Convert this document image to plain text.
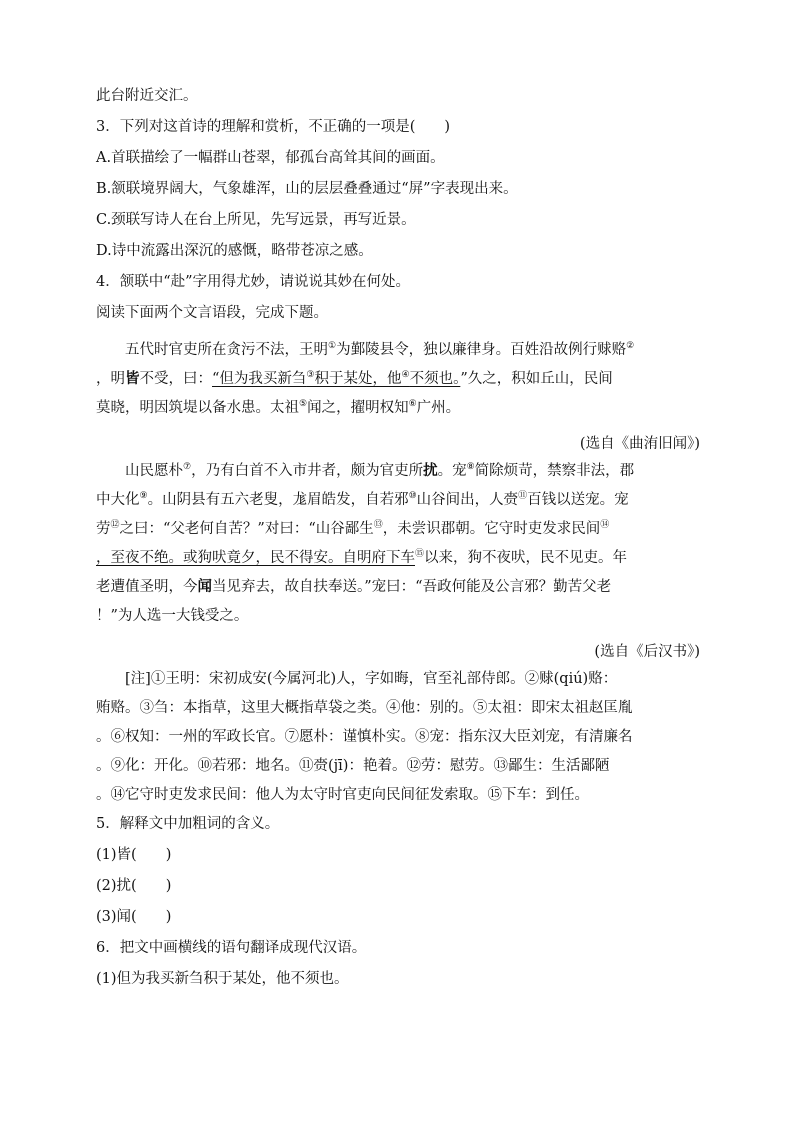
此台附近交汇。

3．下列对这首诗的理解和赏析，不正确的一项是(　　)

A.首联描绘了一幅群山苍翠，郁孤台高耸其间的画面。

B.颔联境界阔大，气象雄浑，山的层层叠叠通过“屏”字表现出来。

C.颈联写诗人在台上所见，先写远景，再写近景。

D.诗中流露出深沉的感慨，略带苍凉之感。

4．颔联中“赴”字用得尤妙，请说说其妙在何处。

阅读下面两个文言语段，完成下题。

五代时官吏所在贪污不法，王明①为鄞陵县令，独以廉律身。百姓沿故例行赇赂②

，明皆不受，曰：“但为我买新刍③积于某处，他④不须也。”久之，积如丘山，民间

莫晓，明因筑堤以备水患。太祖⑤闻之，擢明权知⑥广州。

(选自《曲洧旧闻》)

山民愿朴⑦，乃有白首不入市井者，颇为官吏所扰。宠⑧简除烦苛，禁察非法，郡

中大化⑨。山阴县有五六老叟，尨眉皓发，自若邪⑩山谷间出，人赍⑪百钱以送宠。宠

劳⑫之曰：“父老何自苦？”对曰：“山谷鄙生⑬，未尝识郡朝。它守时吏发求民间⑭

，至夜不绝。或狗吠竟夕，民不得安。自明府下车⑮以来，狗不夜吠，民不见吏。年

老遭值圣明，今闻当见弃去，故自扶奉送。”宠曰：“吾政何能及公言邪？勤苦父老

！”为人选一大钱受之。

(选自《后汉书》)

[注]①王明：宋初成安(今属河北)人，字如晦，官至礼部侍郎。②赇(qiú)赂：

贿赂。③刍：本指草，这里大概指草袋之类。④他：别的。⑤太祖：即宋太祖赵匡胤

。⑥权知：一州的军政长官。⑦愿朴：谨慎朴实。⑧宠：指东汉大臣刘宠，有清廉名

。⑨化：开化。⑩若邪：地名。⑪赍(jī)：艳着。⑫劳：慰劳。⑬鄙生：生活鄙陋

。⑭它守时吏发求民间：他人为太守时官吏向民间征发索取。⑮下车：到任。

5．解释文中加粗词的含义。

(1)皆(　　)

(2)扰(　　)

(3)闻(　　)

6．把文中画横线的语句翻译成现代汉语。

(1)但为我买新刍积于某处，他不须也。
